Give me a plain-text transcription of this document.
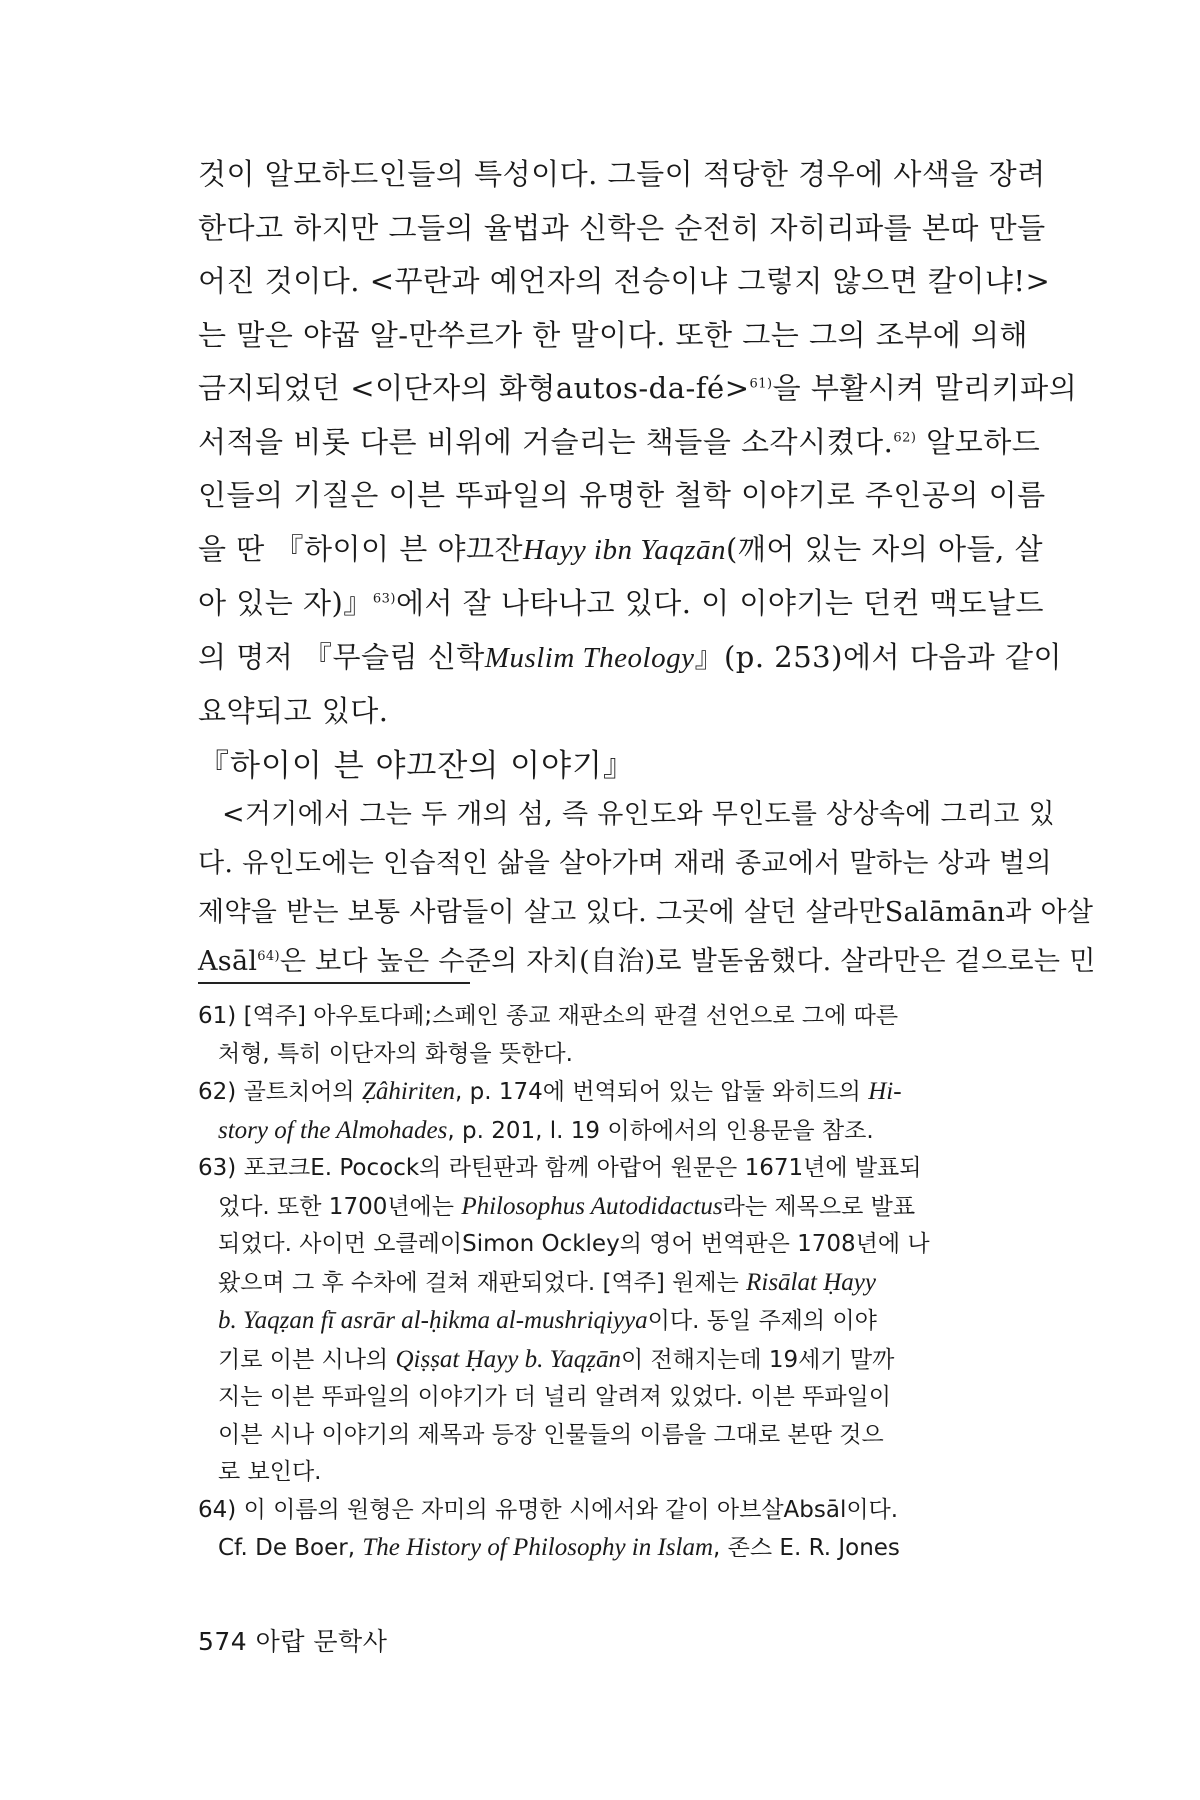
것이 알모하드인들의 특성이다. 그들이 적당한 경우에 사색을 장려
한다고 하지만 그들의 율법과 신학은 순전히 자히리파를 본따 만들
어진 것이다. <꾸란과 예언자의 전승이냐 그렇지 않으면 칼이냐!>
는 말은 야꿉 알-만쑤르가 한 말이다. 또한 그는 그의 조부에 의해
금지되었던 <이단자의 화형autos-da-fé>$^{61)}$을 부활시켜 말리키파의
서적을 비롯 다른 비위에 거슬리는 책들을 소각시켰다.$^{62)}$ 알모하드
인들의 기질은 이븐 뚜파일의 유명한 철학 이야기로 주인공의 이름
을 딴 『하이이 븐 야끄잔Hayy ibn Yaqzān(깨어 있는 자의 아들, 살
아 있는 자)』$^{63)}$에서 잘 나타나고 있다. 이 이야기는 던컨 맥도날드
의 명저 『무슬림 신학Muslim Theology』(p. 253)에서 다음과 같이
요약되고 있다.
『하이이 븐 야끄잔의 이야기』
<거기에서 그는 두 개의 섬, 즉 유인도와 무인도를 상상속에 그리고 있
다. 유인도에는 인습적인 삶을 살아가며 재래 종교에서 말하는 상과 벌의
제약을 받는 보통 사람들이 살고 있다. 그곳에 살던 살라만Salāmān과 아살
Asāl$^{64)}$은 보다 높은 수준의 자치(自治)로 발돋움했다. 살라만은 겉으로는 민
61) [역주] 아우토다페;스페인 종교 재판소의 판결 선언으로 그에 따른
처형, 특히 이단자의 화형을 뜻한다.
62) 골트치어의 Ẓâhiriten, p. 174에 번역되어 있는 압둘 와히드의 Hi-
story of the Almohades, p. 201, l. 19 이하에서의 인용문을 참조.
63) 포코크E. Pocock의 라틴판과 함께 아랍어 원문은 1671년에 발표되
었다. 또한 1700년에는 Philosophus Autodidactus라는 제목으로 발표
되었다. 사이먼 오클레이Simon Ockley의 영어 번역판은 1708년에 나
왔으며 그 후 수차에 걸쳐 재판되었다. [역주] 원제는 Risālat Ḥayy
b. Yaqẓan fī asrār al-ḥikma al-mushriqiyya이다. 동일 주제의 이야
기로 이븐 시나의 Qiṣṣat Ḥayy b. Yaqẓān이 전해지는데 19세기 말까
지는 이븐 뚜파일의 이야기가 더 널리 알려져 있었다. 이븐 뚜파일이
이븐 시나 이야기의 제목과 등장 인물들의 이름을 그대로 본딴 것으
로 보인다.
64) 이 이름의 원형은 자미의 유명한 시에서와 같이 아브살Absāl이다.
Cf. De Boer, The History of Philosophy in Islam, 존스 E. R. Jones
574 아랍 문학사
